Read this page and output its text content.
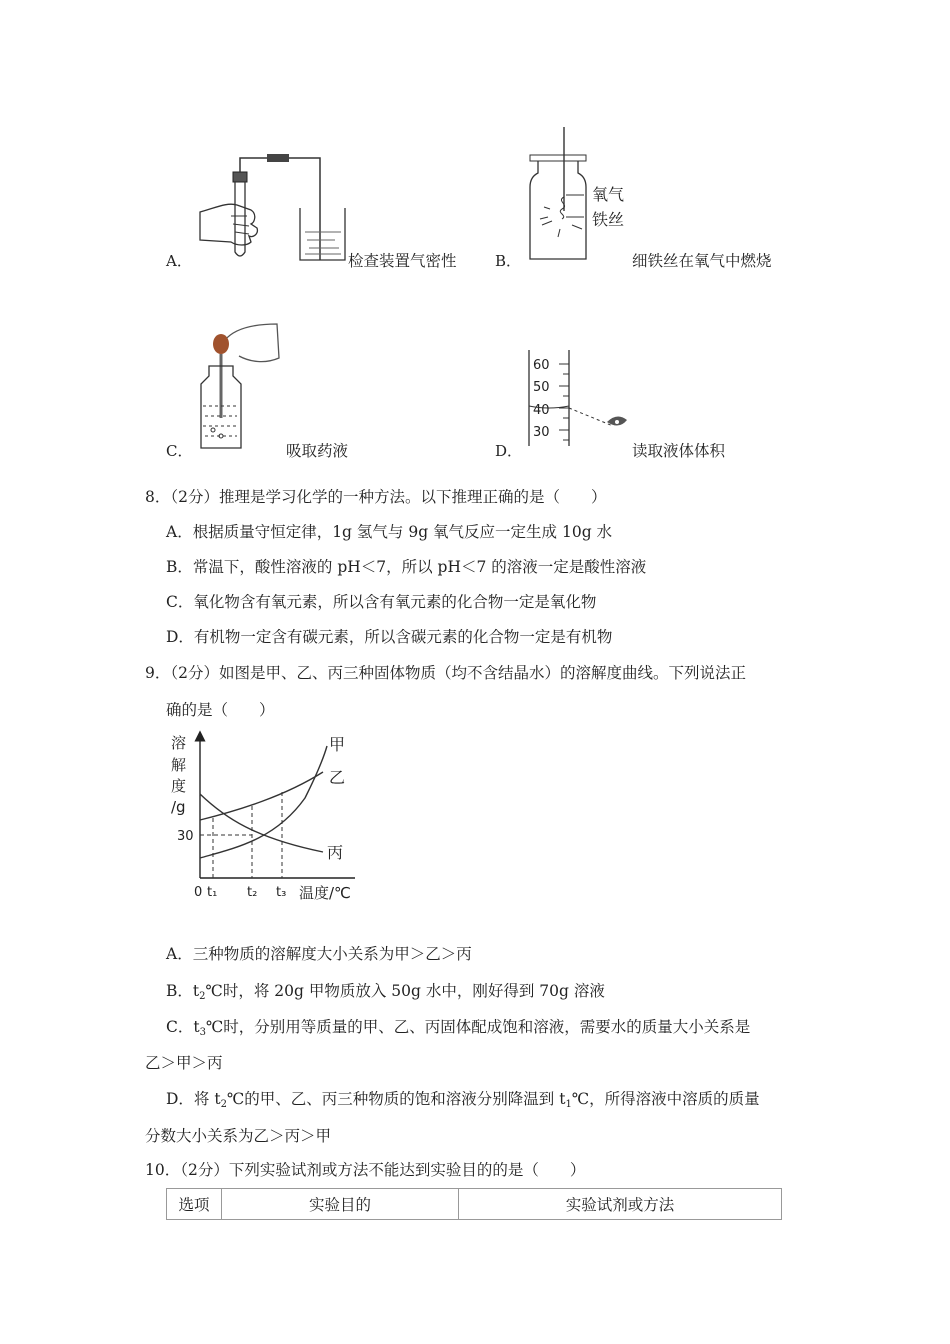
A．	检查装置气密性	B．
氧气
铁丝
细铁丝在氧气中燃烧
C．	吸取药液	D．
60
50
40
30
读取液体体积
8．（2分）推理是学习化学的一种方法。以下推理正确的是（　　）
A．根据质量守恒定律，1g 氢气与 9g 氧气反应一定生成 10g 水
B．常温下，酸性溶液的 pH＜7，所以 pH＜7 的溶液一定是酸性溶液
C．氧化物含有氧元素，所以含有氧元素的化合物一定是氧化物
D．有机物一定含有碳元素，所以含碳元素的化合物一定是有机物
9．（2分）如图是甲、乙、丙三种固体物质（均不含结晶水）的溶解度曲线。下列说法正
确的是（　　）
溶
解
度
/g
30
甲
乙
丙
0 t₁ t₂ t₃ 温度/℃
A．三种物质的溶解度大小关系为甲＞乙＞丙
B．$t_2℃$时，将 20g 甲物质放入 50g 水中，刚好得到 70g 溶液
C．$t_3℃$时，分别用等质量的甲、乙、丙固体配成饱和溶液，需要水的质量大小关系是
乙＞甲＞丙
D．将 $t_2℃$的甲、乙、丙三种物质的饱和溶液分别降温到 $t_1℃$，所得溶液中溶质的质量
分数大小关系为乙＞丙＞甲
10．（2分）下列实验试剂或方法不能达到实验目的的是（　　）
选项	实验目的	实验试剂或方法
